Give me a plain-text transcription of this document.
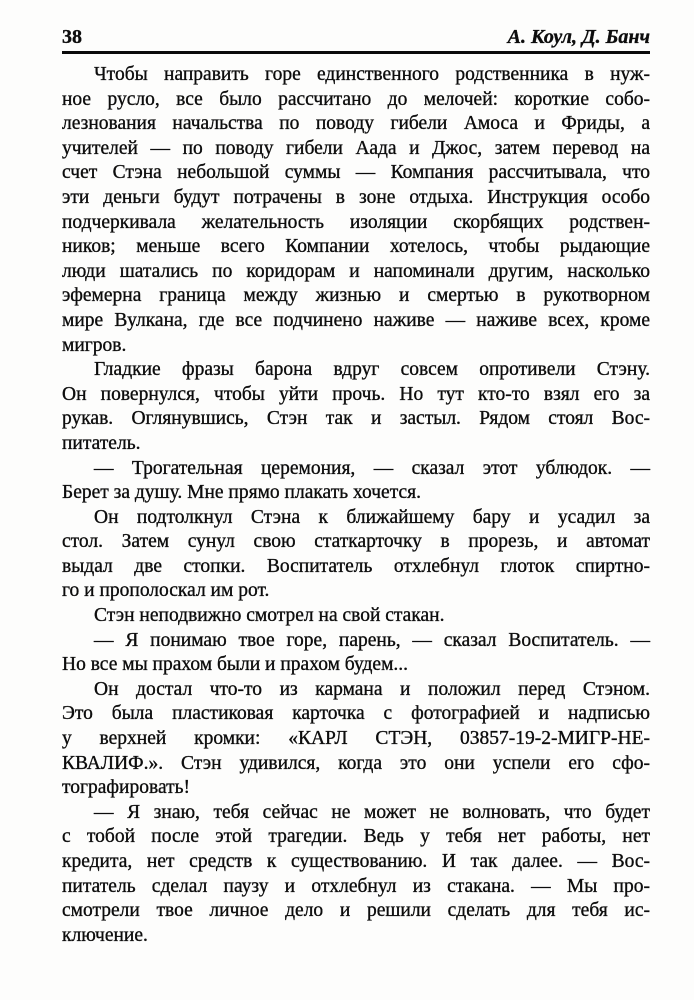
38	А. Коул, Д. Банч
Чтобы направить горе единственного родственника в нуж-
ное русло, все было рассчитано до мелочей: короткие собо-
лезнования начальства по поводу гибели Амоса и Фриды, а
учителей — по поводу гибели Аада и Джос, затем перевод на
счет Стэна небольшой суммы — Компания рассчитывала, что
эти деньги будут потрачены в зоне отдыха. Инструкция особо
подчеркивала желательность изоляции скорбящих родствен-
ников; меньше всего Компании хотелось, чтобы рыдающие
люди шатались по коридорам и напоминали другим, насколько
эфемерна граница между жизнью и смертью в рукотворном
мире Вулкана, где все подчинено наживе — наживе всех, кроме
мигров.
Гладкие фразы барона вдруг совсем опротивели Стэну.
Он повернулся, чтобы уйти прочь. Но тут кто-то взял его за
рукав. Оглянувшись, Стэн так и застыл. Рядом стоял Вос-
питатель.
— Трогательная церемония, — сказал этот ублюдок. —
Берет за душу. Мне прямо плакать хочется.
Он подтолкнул Стэна к ближайшему бару и усадил за
стол. Затем сунул свою статкарточку в прорезь, и автомат
выдал две стопки. Воспитатель отхлебнул глоток спиртно-
го и прополоскал им рот.
Стэн неподвижно смотрел на свой стакан.
— Я понимаю твое горе, парень, — сказал Воспитатель. —
Но все мы прахом были и прахом будем...
Он достал что-то из кармана и положил перед Стэном.
Это была пластиковая карточка с фотографией и надписью
у верхней кромки: «КАРЛ СТЭН, 03857-19-2-МИГР-НЕ-
КВАЛИФ.». Стэн удивился, когда это они успели его сфо-
тографировать!
— Я знаю, тебя сейчас не может не волновать, что будет
с тобой после этой трагедии. Ведь у тебя нет работы, нет
кредита, нет средств к существованию. И так далее. — Вос-
питатель сделал паузу и отхлебнул из стакана. — Мы про-
смотрели твое личное дело и решили сделать для тебя ис-
ключение.
